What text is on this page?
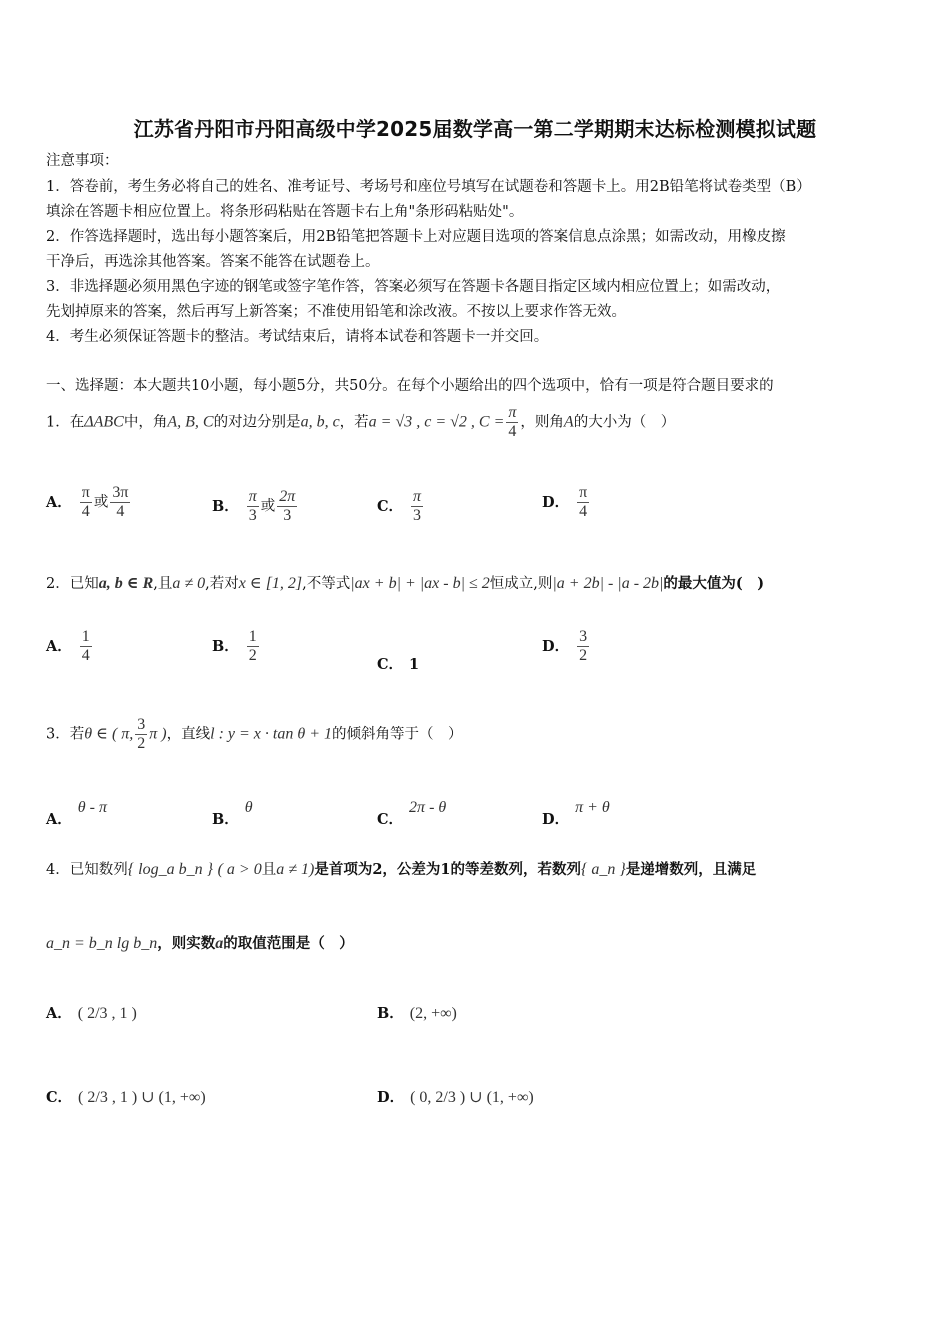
江苏省丹阳市丹阳高级中学2025届数学高一第二学期期末达标检测模拟试题
注意事项：
1．答卷前，考生务必将自己的姓名、准考证号、考场号和座位号填写在试题卷和答题卡上。用2B铅笔将试卷类型（B）
填涂在答题卡相应位置上。将条形码粘贴在答题卡右上角"条形码粘贴处"。
2．作答选择题时，选出每小题答案后，用2B铅笔把答题卡上对应题目选项的答案信息点涂黑；如需改动，用橡皮擦
干净后，再选涂其他答案。答案不能答在试题卷上。
3．非选择题必须用黑色字迹的钢笔或签字笔作答，答案必须写在答题卡各题目指定区域内相应位置上；如需改动，
先划掉原来的答案，然后再写上新答案；不准使用铅笔和涂改液。不按以上要求作答无效。
4．考生必须保证答题卡的整洁。考试结束后，请将本试卷和答题卡一并交回。
一、选择题：本大题共10小题，每小题5分，共50分。在每个小题给出的四个选项中，恰有一项是符合题目要求的
1．在ΔABC中，角A, B, C的对边分别是a, b, c，若a = √3 , c = √2 , $C = \frac{\pi}{4}$ ，则角A的大小为（　）
A． $\frac{\pi}{4}$ 或 $\frac{3\pi}{4}$	B． $\frac{\pi}{3}$ 或 $\frac{2\pi}{3}$	C． $\frac{\pi}{3}$	D． $\frac{\pi}{4}$
2．已知a, b ∈ R,且a ≠ 0,若对x ∈ [1, 2],不等式|ax + b| + |ax - b| ≤ 2恒成立,则|a + 2b| - |a - 2b|的最大值为(　)
A． $\frac{1}{4}$	B． $\frac{1}{2}$	C． 1
D． $\frac{3}{2}$
3．若θ ∈ ( π, $\frac{3}{2}$ π )，直线l : y = x · tan θ + 1的倾斜角等于（　）
A．θ - π
B．θ
C．2π - θ
D．π + θ
4．已知数列{ log_a b_n } ( a > 0且a ≠ 1)是首项为2，公差为1的等差数列，若数列{ a_n }是递增数列，且满足
a_n = b_n lg b_n，则实数a的取值范围是（　）
A． ( 2/3 , 1 )	B． (2, +∞)
C． ( 2/3 , 1 ) ∪ (1, +∞)	D． ( 0, 2/3 ) ∪ (1, +∞)
